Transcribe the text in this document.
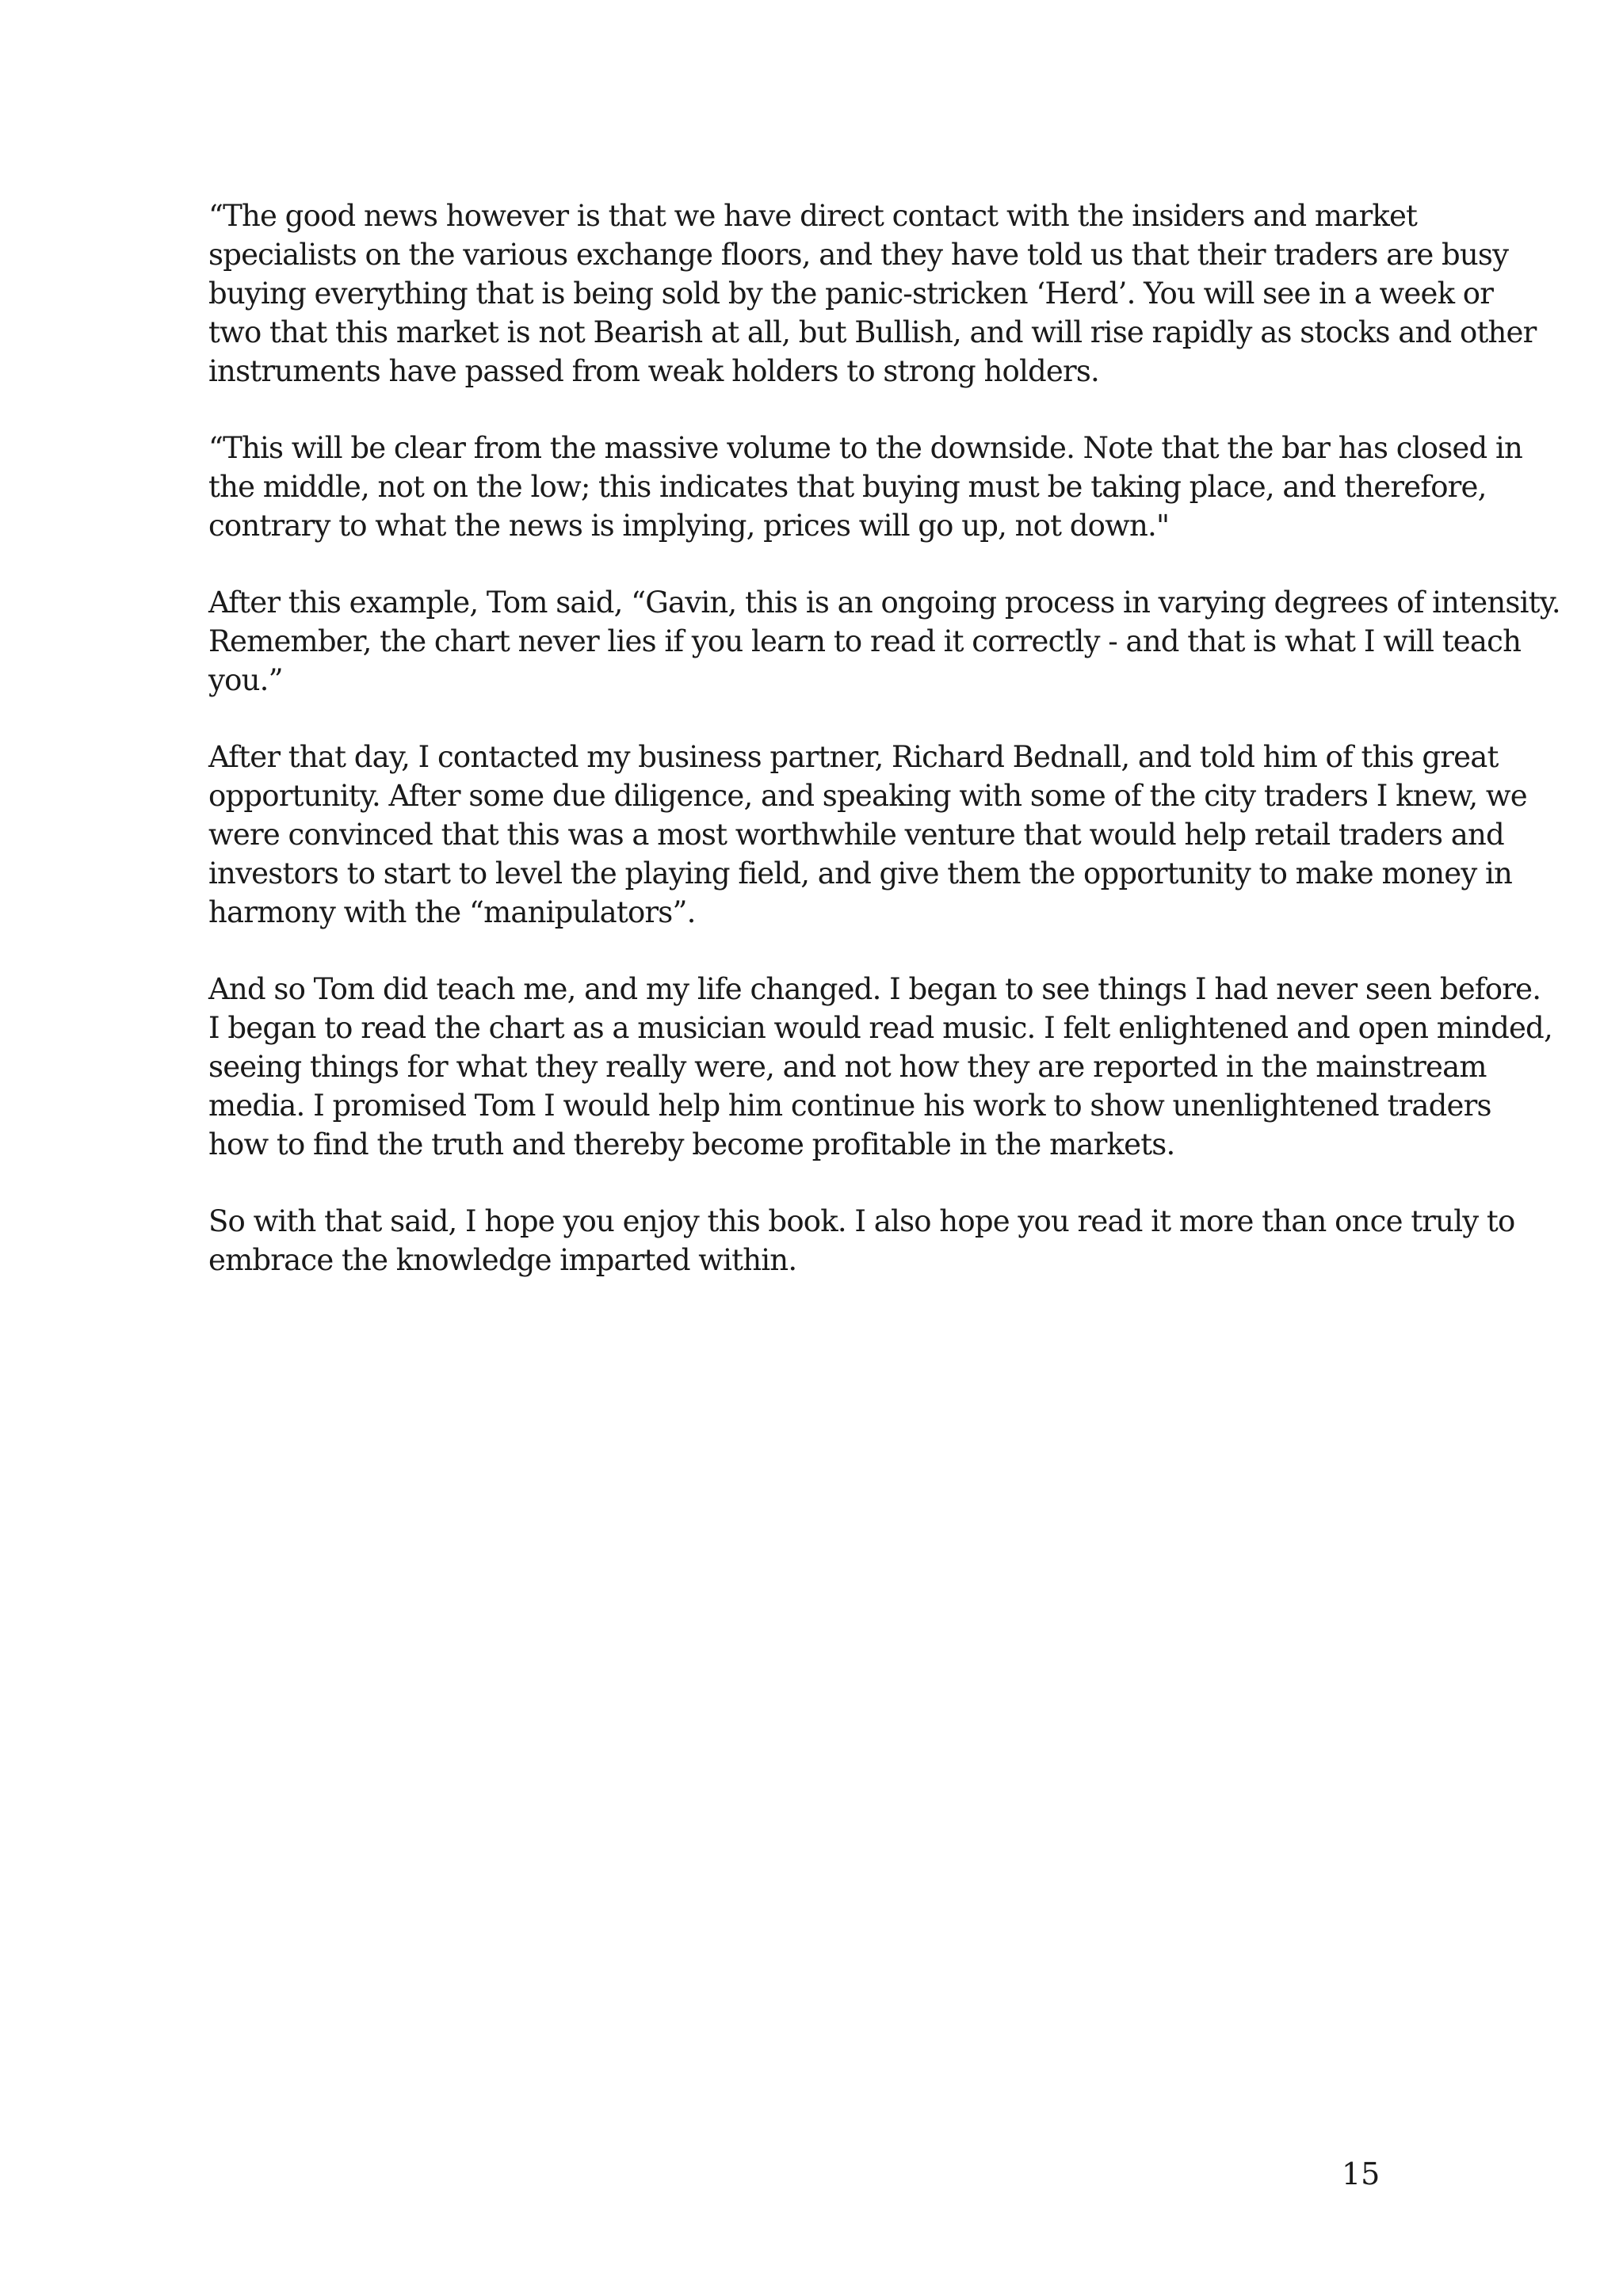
“The good news however is that we have direct contact with the insiders and market
specialists on the various exchange floors, and they have told us that their traders are busy
buying everything that is being sold by the panic-stricken ‘Herd’. You will see in a week or
two that this market is not Bearish at all, but Bullish, and will rise rapidly as stocks and other
instruments have passed from weak holders to strong holders.

“This will be clear from the massive volume to the downside. Note that the bar has closed in
the middle, not on the low; this indicates that buying must be taking place, and therefore,
contrary to what the news is implying, prices will go up, not down."

After this example, Tom said, “Gavin, this is an ongoing process in varying degrees of intensity.
Remember, the chart never lies if you learn to read it correctly - and that is what I will teach
you.”

After that day, I contacted my business partner, Richard Bednall, and told him of this great
opportunity. After some due diligence, and speaking with some of the city traders I knew, we
were convinced that this was a most worthwhile venture that would help retail traders and
investors to start to level the playing field, and give them the opportunity to make money in
harmony with the “manipulators”.

And so Tom did teach me, and my life changed. I began to see things I had never seen before.
I began to read the chart as a musician would read music. I felt enlightened and open minded,
seeing things for what they really were, and not how they are reported in the mainstream
media. I promised Tom I would help him continue his work to show unenlightened traders
how to find the truth and thereby become profitable in the markets.

So with that said, I hope you enjoy this book. I also hope you read it more than once truly to
embrace the knowledge imparted within.

15
